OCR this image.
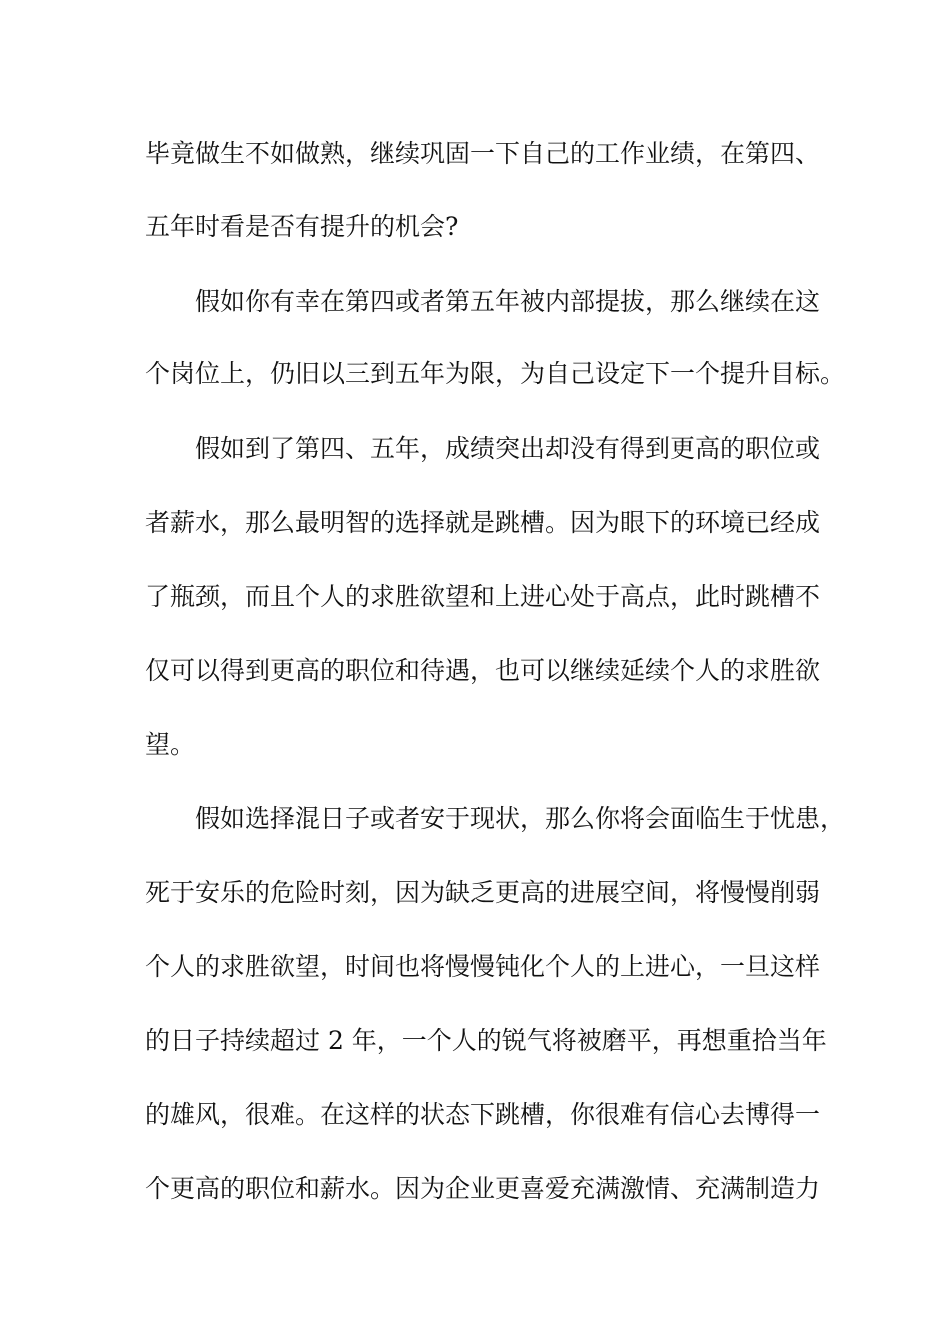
毕竟做生不如做熟，继续巩固一下自己的工作业绩，在第四、
五年时看是否有提升的机会?
假如你有幸在第四或者第五年被内部提拔，那么继续在这
个岗位上，仍旧以三到五年为限，为自己设定下一个提升目标。
假如到了第四、五年，成绩突出却没有得到更高的职位或
者薪水，那么最明智的选择就是跳槽。因为眼下的环境已经成
了瓶颈，而且个人的求胜欲望和上进心处于高点，此时跳槽不
仅可以得到更高的职位和待遇，也可以继续延续个人的求胜欲
望。
假如选择混日子或者安于现状，那么你将会面临生于忧患，
死于安乐的危险时刻，因为缺乏更高的进展空间，将慢慢削弱
个人的求胜欲望，时间也将慢慢钝化个人的上进心，一旦这样
的日子持续超过 2 年，一个人的锐气将被磨平，再想重拾当年
的雄风，很难。在这样的状态下跳槽，你很难有信心去博得一
个更高的职位和薪水。因为企业更喜爱充满激情、充满制造力
